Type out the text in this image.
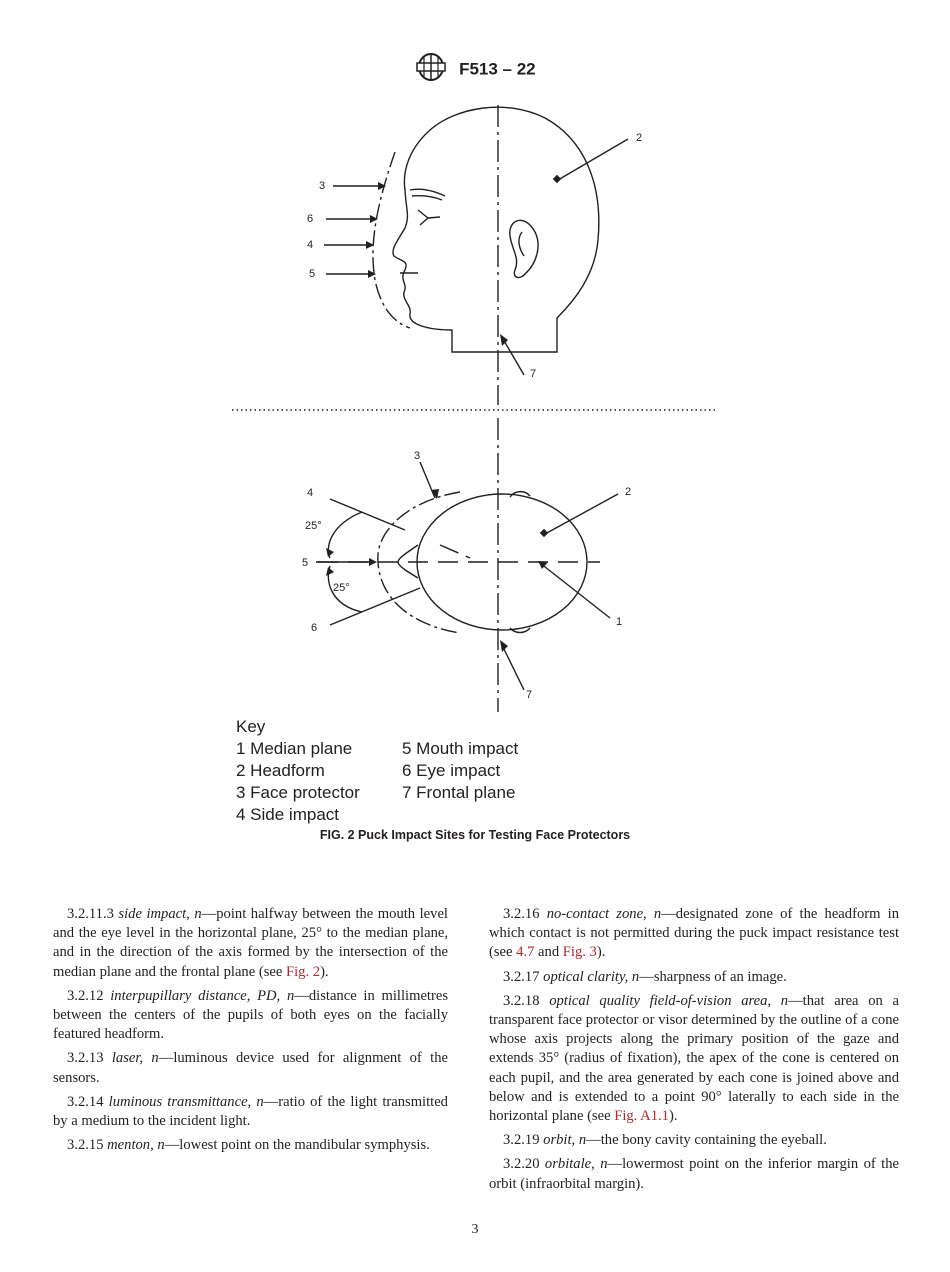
F513 – 22
2
3
6
4
5
7
3
4	2
5
6	1
7
25°
25°
Key
1 Median plane
2 Headform
3 Face protector
4 Side impact
5 Mouth impact
6 Eye impact
7 Frontal plane
FIG. 2 Puck Impact Sites for Testing Face Protectors

3.2.11.3 side impact, n—point halfway between the mouth level and the eye level in the horizontal plane, 25° to the median plane, and in the direction of the axis formed by the intersection of the median plane and the frontal plane (see Fig. 2).

3.2.12 interpupillary distance, PD, n—distance in millimetres between the centers of the pupils of both eyes on the facially featured headform.

3.2.13 laser, n—luminous device used for alignment of the sensors.

3.2.14 luminous transmittance, n—ratio of the light transmitted by a medium to the incident light.

3.2.15 menton, n—lowest point on the mandibular symphysis.

3.2.16 no-contact zone, n—designated zone of the headform in which contact is not permitted during the puck impact resistance test (see 4.7 and Fig. 3).

3.2.17 optical clarity, n—sharpness of an image.

3.2.18 optical quality field-of-vision area, n—that area on a transparent face protector or visor determined by the outline of a cone whose axis projects along the primary position of the gaze and extends 35° (radius of fixation), the apex of the cone is centered on each pupil, and the area generated by each cone is joined above and below and is extended to a point 90° laterally to each side in the horizontal plane (see Fig. A1.1).

3.2.19 orbit, n—the bony cavity containing the eyeball.

3.2.20 orbitale, n—lowermost point on the inferior margin of the orbit (infraorbital margin).

3
